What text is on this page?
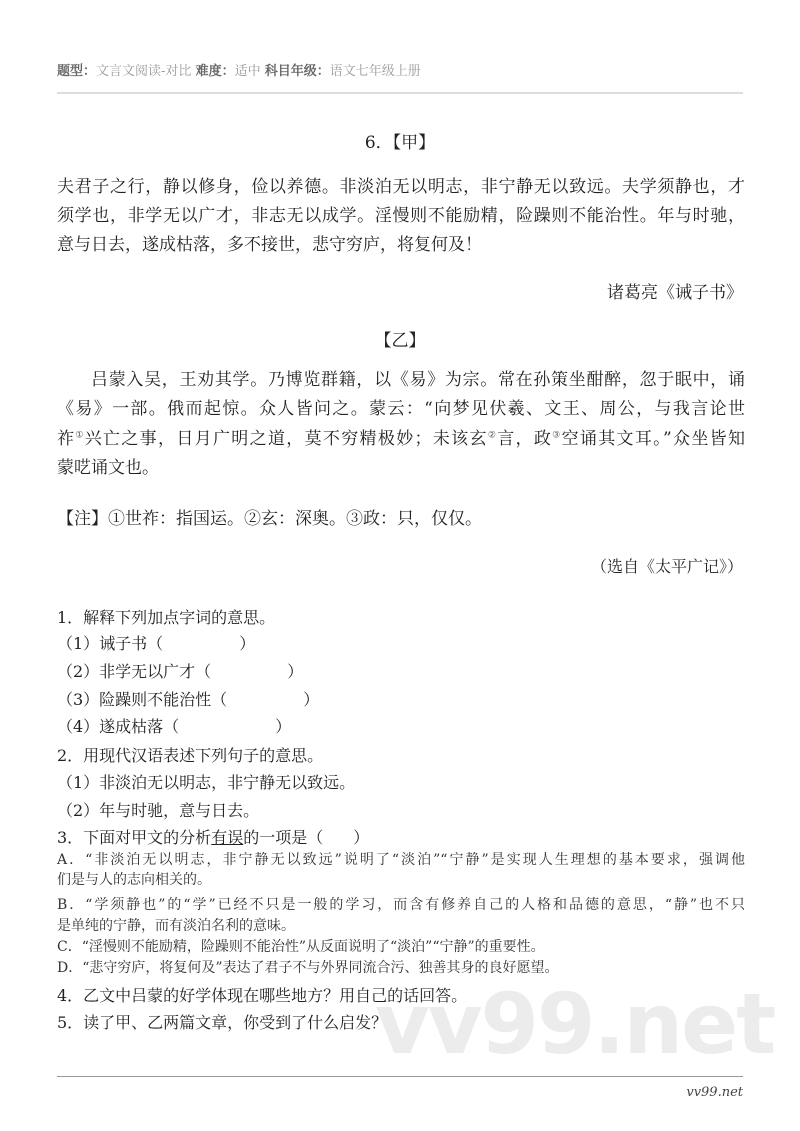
题型：文言文阅读-对比 难度：适中 科目年级：语文七年级上册
vv99.net
6．【甲】
夫君子之行，静以修身，俭以养德。非淡泊无以明志，非宁静无以致远。夫学须静也，才
须学也，非学无以广才，非志无以成学。淫慢则不能励精，险躁则不能治性。年与时驰，
意与日去，遂成枯落，多不接世，悲守穷庐，将复何及！
诸葛亮《诫子书》
【乙】
吕蒙入吴，王劝其学。乃博览群籍，以《易》为宗。常在孙策坐酣醉，忽于眠中，诵
《易》一部。俄而起惊。众人皆问之。蒙云：“向梦见伏羲、文王、周公，与我言论世
祚①兴亡之事，日月广明之道，莫不穷精极妙；未该玄②言，政③空诵其文耳。”众坐皆知
蒙呓诵文也。
【注】①世祚：指国运。②玄：深奥。③政：只，仅仅。
（选自《太平广记》）
1．解释下列加点字词的意思。
（1）诫子书（	）
（2）非学无以广才（	）
（3）险躁则不能治性（	）
（4）遂成枯落（	）
2．用现代汉语表述下列句子的意思。
（1）非淡泊无以明志，非宁静无以致远。
（2）年与时驰，意与日去。
3．下面对甲文的分析有误的一项是（ ）
A．“非淡泊无以明志，非宁静无以致远”说明了“淡泊”“宁静”是实现人生理想的基本要求，强调他
们是与人的志向相关的。
B．“学须静也”的“学”已经不只是一般的学习，而含有修养自己的人格和品德的意思，“静”也不只
是单纯的宁静，而有淡泊名利的意味。
C．“淫慢则不能励精，险躁则不能治性”从反面说明了“淡泊”“宁静”的重要性。
D．“悲守穷庐，将复何及”表达了君子不与外界同流合污、独善其身的良好愿望。
4．乙文中吕蒙的好学体现在哪些地方？用自己的话回答。
5．读了甲、乙两篇文章，你受到了什么启发？
vv99.net
